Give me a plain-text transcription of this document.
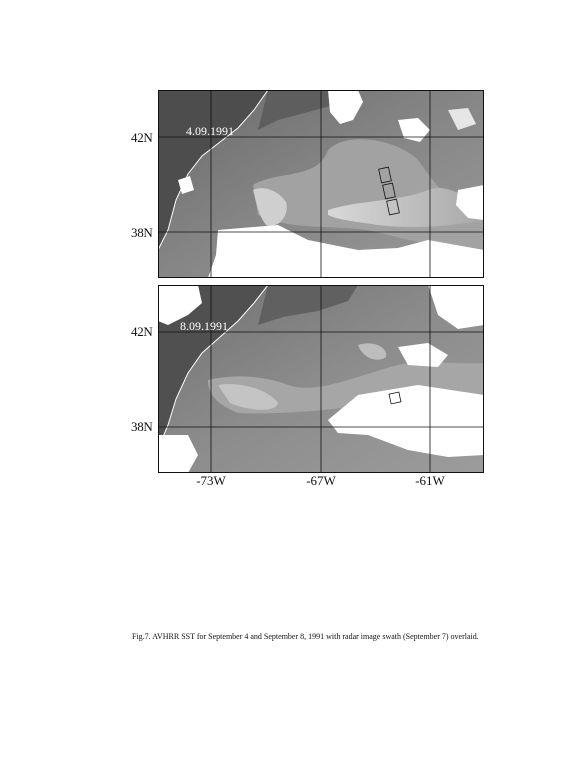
4.09.1991
8.09.1991
42N
38N
42N
38N
-73W	-67W	-61W
Fig.7. AVHRR SST for September 4 and September 8, 1991 with radar image swath (September 7) overlaid.
